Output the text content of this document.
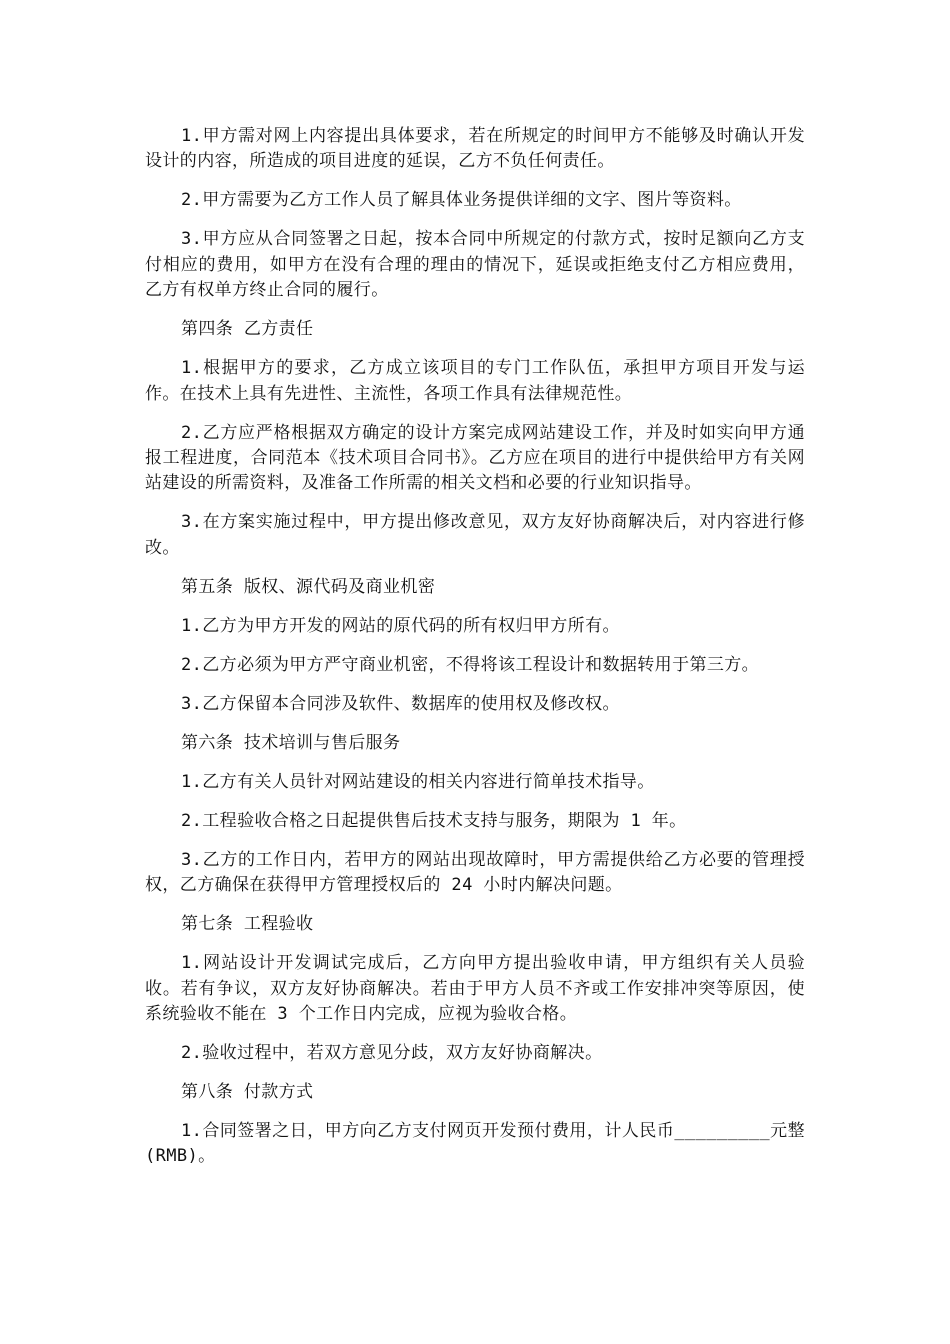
1.甲方需对网上内容提出具体要求，若在所规定的时间甲方不能够及时确认开发设计的内容，所造成的项目进度的延误，乙方不负任何责任。

2.甲方需要为乙方工作人员了解具体业务提供详细的文字、图片等资料。

3.甲方应从合同签署之日起，按本合同中所规定的付款方式，按时足额向乙方支付相应的费用，如甲方在没有合理的理由的情况下，延误或拒绝支付乙方相应费用，乙方有权单方终止合同的履行。

第四条 乙方责任

1.根据甲方的要求，乙方成立该项目的专门工作队伍，承担甲方项目开发与运作。在技术上具有先进性、主流性，各项工作具有法律规范性。

2.乙方应严格根据双方确定的设计方案完成网站建设工作，并及时如实向甲方通报工程进度，合同范本《技术项目合同书》。乙方应在项目的进行中提供给甲方有关网站建设的所需资料，及准备工作所需的相关文档和必要的行业知识指导。

3.在方案实施过程中，甲方提出修改意见，双方友好协商解决后，对内容进行修改。

第五条 版权、源代码及商业机密

1.乙方为甲方开发的网站的原代码的所有权归甲方所有。

2.乙方必须为甲方严守商业机密，不得将该工程设计和数据转用于第三方。

3.乙方保留本合同涉及软件、数据库的使用权及修改权。

第六条 技术培训与售后服务

1.乙方有关人员针对网站建设的相关内容进行简单技术指导。

2.工程验收合格之日起提供售后技术支持与服务，期限为 1 年。

3.乙方的工作日内，若甲方的网站出现故障时，甲方需提供给乙方必要的管理授权，乙方确保在获得甲方管理授权后的 24 小时内解决问题。

第七条 工程验收

1.网站设计开发调试完成后，乙方向甲方提出验收申请，甲方组织有关人员验收。若有争议，双方友好协商解决。若由于甲方人员不齐或工作安排冲突等原因，使系统验收不能在 3 个工作日内完成，应视为验收合格。

2.验收过程中，若双方意见分歧，双方友好协商解决。

第八条 付款方式

1.合同签署之日，甲方向乙方支付网页开发预付费用，计人民币_________元整(RMB)。
